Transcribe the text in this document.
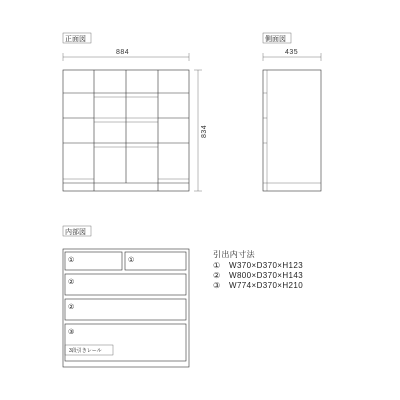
正面図
884
834
側面図
435
内部図
①	①
②
②
③
3段引きレール
引出内寸法
① W370×D370×H123
② W800×D370×H143
③ W774×D370×H210
